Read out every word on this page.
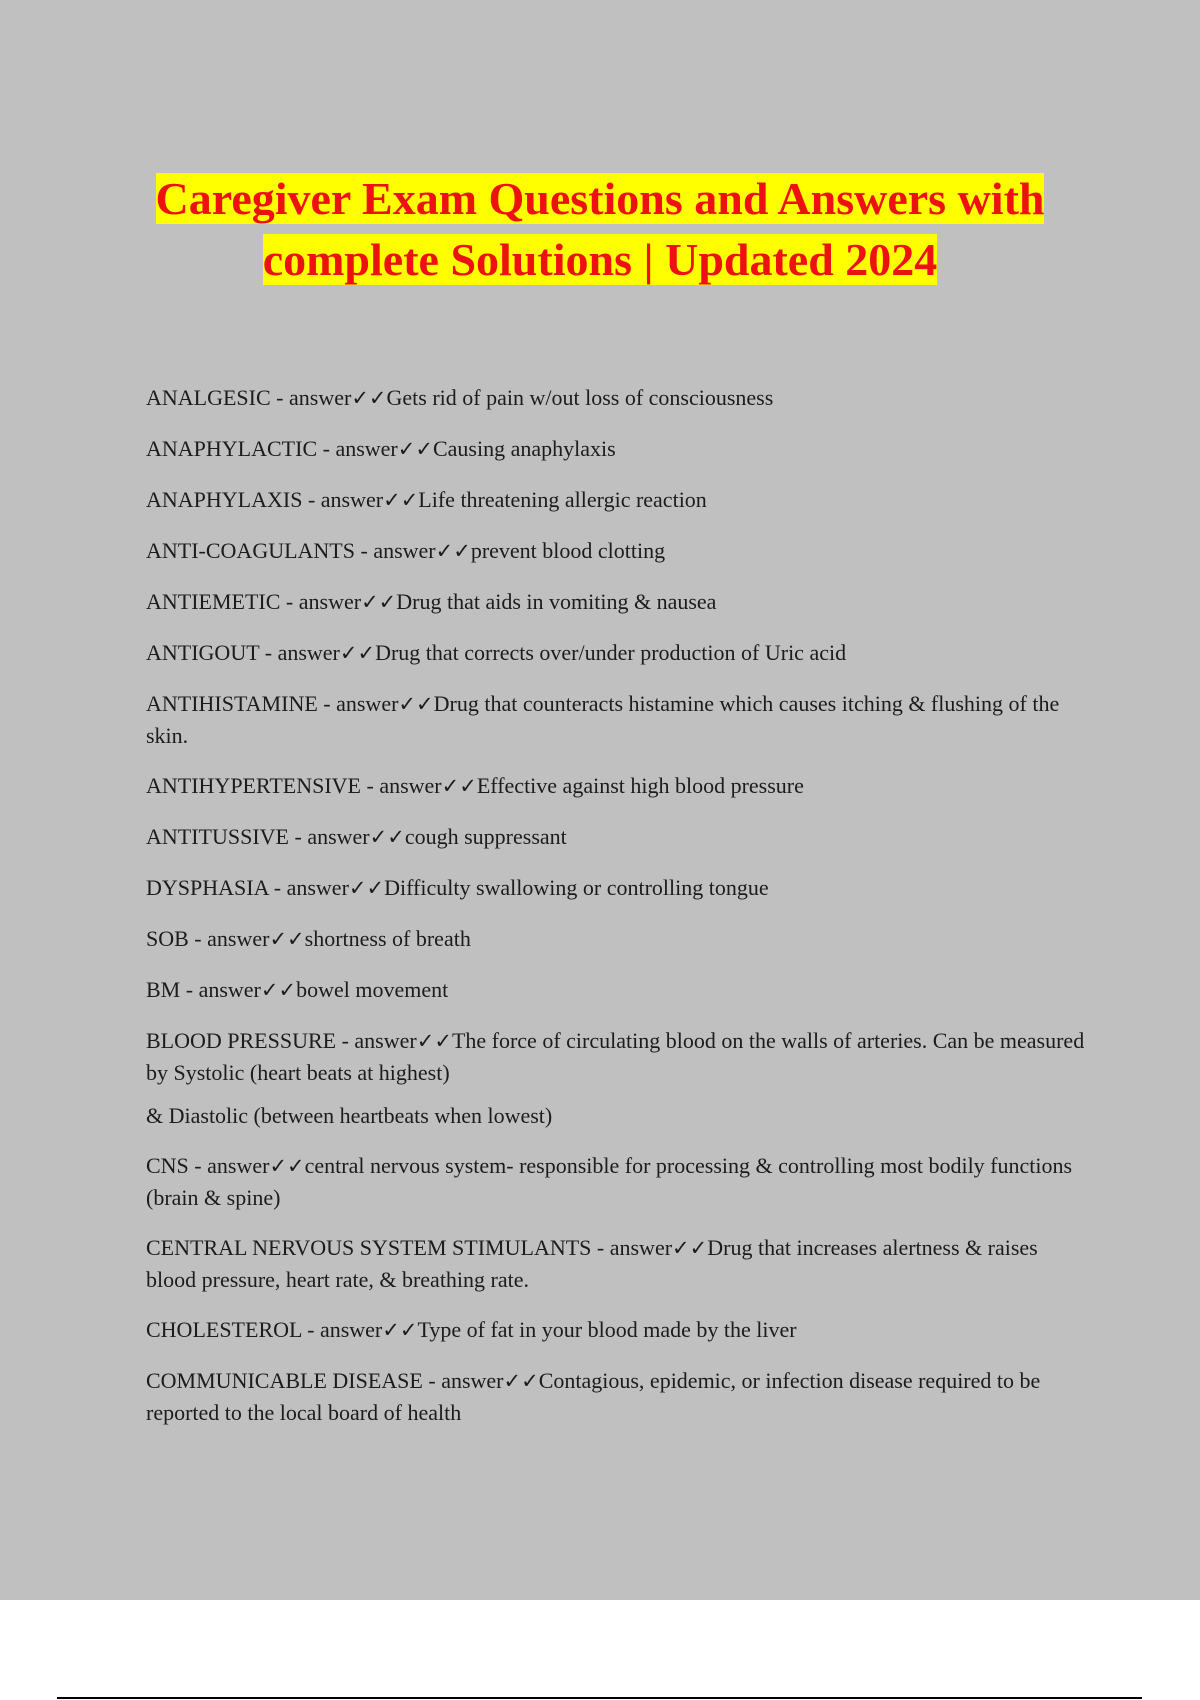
Caregiver Exam Questions and Answers with
complete Solutions | Updated 2024

ANALGESIC - answer✓✓Gets rid of pain w/out loss of consciousness

ANAPHYLACTIC - answer✓✓Causing anaphylaxis

ANAPHYLAXIS - answer✓✓Life threatening allergic reaction

ANTI-COAGULANTS - answer✓✓prevent blood clotting

ANTIEMETIC - answer✓✓Drug that aids in vomiting & nausea

ANTIGOUT - answer✓✓Drug that corrects over/under production of Uric acid

ANTIHISTAMINE - answer✓✓Drug that counteracts histamine which causes itching & flushing of the skin.

ANTIHYPERTENSIVE - answer✓✓Effective against high blood pressure

ANTITUSSIVE - answer✓✓cough suppressant

DYSPHASIA - answer✓✓Difficulty swallowing or controlling tongue

SOB - answer✓✓shortness of breath

BM - answer✓✓bowel movement

BLOOD PRESSURE - answer✓✓The force of circulating blood on the walls of arteries. Can be measured by Systolic (heart beats at highest)

& Diastolic (between heartbeats when lowest)

CNS - answer✓✓central nervous system- responsible for processing & controlling most bodily functions (brain & spine)

CENTRAL NERVOUS SYSTEM STIMULANTS - answer✓✓Drug that increases alertness & raises blood pressure, heart rate, & breathing rate.

CHOLESTEROL - answer✓✓Type of fat in your blood made by the liver

COMMUNICABLE DISEASE - answer✓✓Contagious, epidemic, or infection disease required to be reported to the local board of health
